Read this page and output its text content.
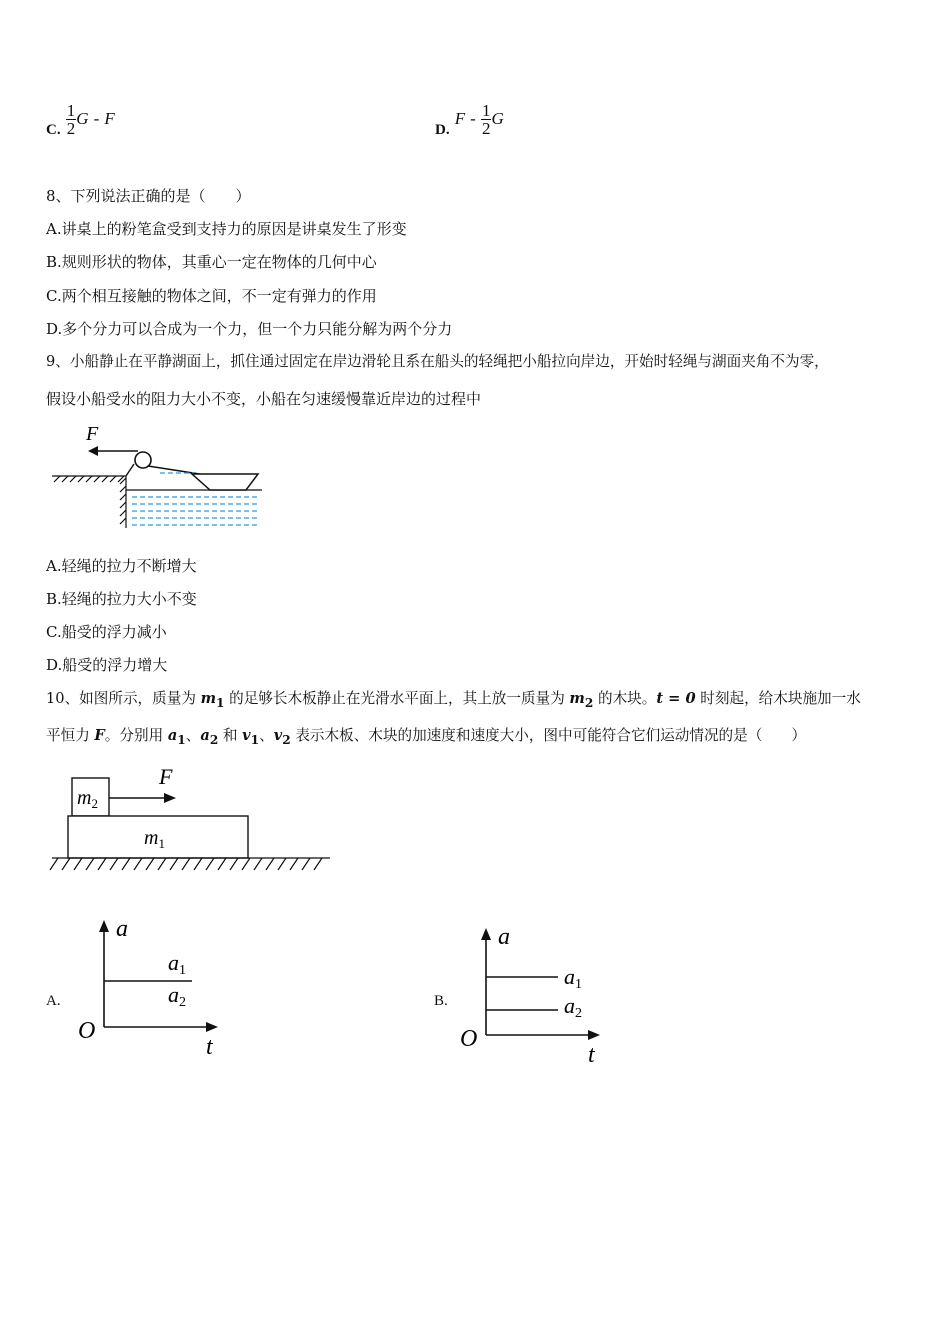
C. $\frac{1}{2}$ G - F
D. F - $\frac{1}{2}$ G
8、下列说法正确的是（　　）
A.讲桌上的粉笔盒受到支持力的原因是讲桌发生了形变
B.规则形状的物体，其重心一定在物体的几何中心
C.两个相互接触的物体之间，不一定有弹力的作用
D.多个分力可以合成为一个力，但一个力只能分解为两个分力
9、小船静止在平静湖面上，抓住通过固定在岸边滑轮且系在船头的轻绳把小船拉向岸边，开始时轻绳与湖面夹角不为零，
假设小船受水的阻力大小不变，小船在匀速缓慢靠近岸边的过程中
F
A.轻绳的拉力不断增大
B.轻绳的拉力大小不变
C.船受的浮力减小
D.船受的浮力增大
10、如图所示，质量为 $m_1$ 的足够长木板静止在光滑水平面上，其上放一质量为 $m_2$ 的木块。t = 0 时刻起，给木块施加一水
平恒力 F。分别用 $a_1$、$a_2$ 和 $v_1$、$v_2$ 表示木板、木块的加速度和速度大小，图中可能符合它们运动情况的是（　　）
$m_2$
F
$m_1$
A.
a
t
O
a1
a2	B.
a
t
O
a1
a2
